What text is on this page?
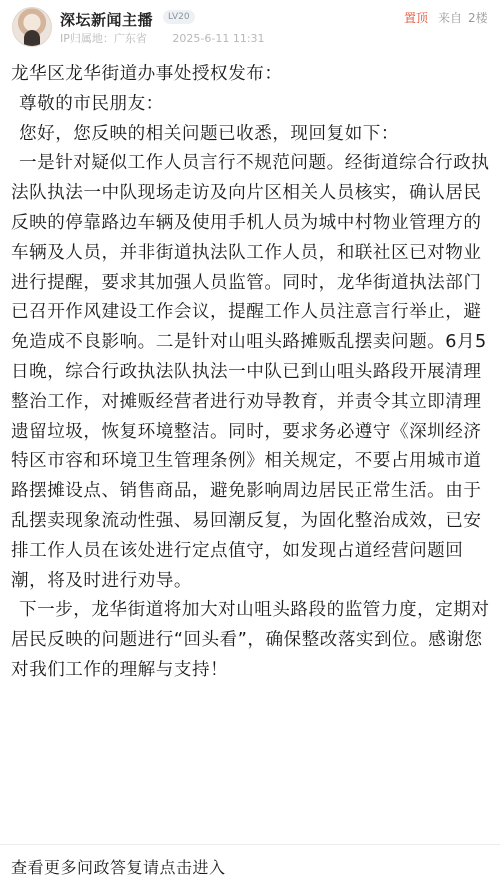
深坛新闻主播	LV20
IP归属地：广东省 2025-6-11 11:31
置顶 来自 2楼

龙华区龙华街道办事处授权发布：

尊敬的市民朋友：

您好，您反映的相关问题已收悉，现回复如下：

一是针对疑似工作人员言行不规范问题。经街道综合行政执法队执法一中队现场走访及向片区相关人员核实，确认居民反映的停靠路边车辆及使用手机人员为城中村物业管理方的车辆及人员，并非街道执法队工作人员，和联社区已对物业进行提醒，要求其加强人员监管。同时，龙华街道执法部门已召开作风建设工作会议，提醒工作人员注意言行举止，避免造成不良影响。二是针对山咀头路摊贩乱摆卖问题。6月5日晚，综合行政执法队执法一中队已到山咀头路段开展清理整治工作，对摊贩经营者进行劝导教育，并责令其立即清理遗留垃圾，恢复环境整洁。同时，要求务必遵守《深圳经济特区市容和环境卫生管理条例》相关规定，不要占用城市道路摆摊设点、销售商品，避免影响周边居民正常生活。由于乱摆卖现象流动性强、易回潮反复，为固化整治成效，已安排工作人员在该处进行定点值守，如发现占道经营问题回潮，将及时进行劝导。

下一步，龙华街道将加大对山咀头路段的监管力度，定期对居民反映的问题进行“回头看”，确保整改落实到位。感谢您对我们工作的理解与支持！

查看更多问政答复请点击进入
